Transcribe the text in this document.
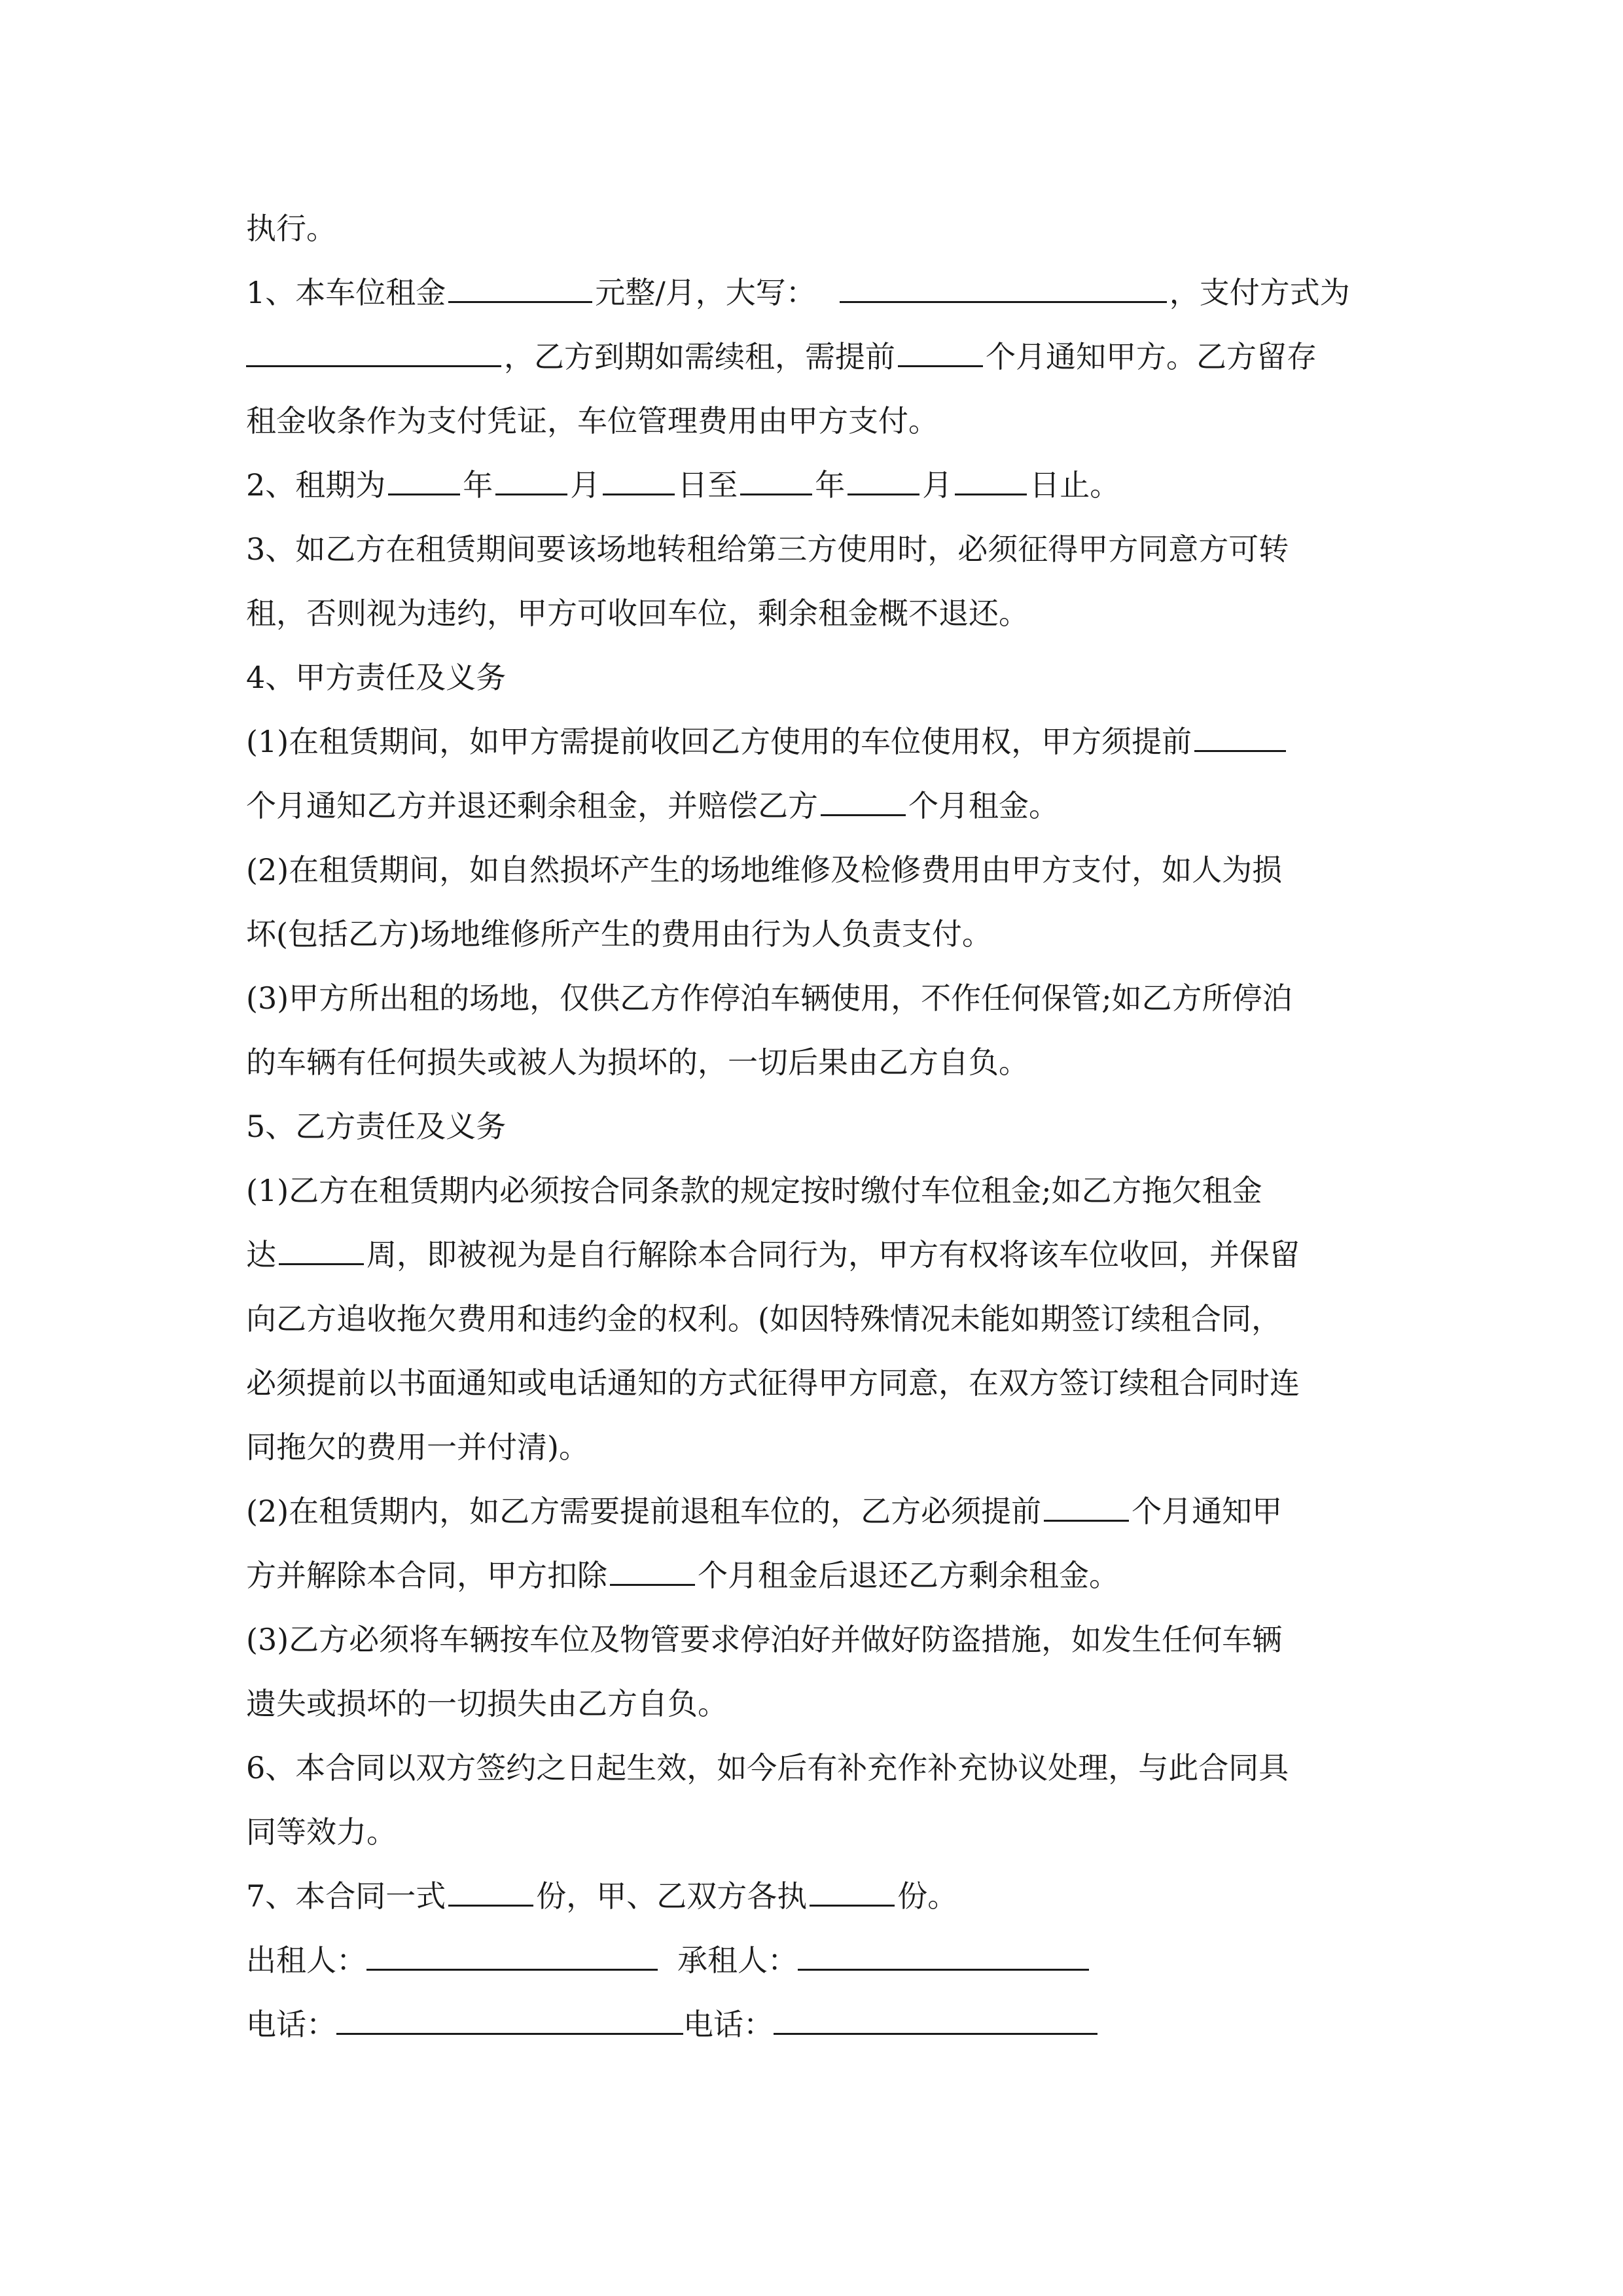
执行。
1、本车位租金	元整/月，大写：	，支付方式为
，乙方到期如需续租，需提前	个月通知甲方。乙方留存
租金收条作为支付凭证，车位管理费用由甲方支付。
2、租期为	年	月	日至	年	月	日止。
3、如乙方在租赁期间要该场地转租给第三方使用时，必须征得甲方同意方可转
租，否则视为违约，甲方可收回车位，剩余租金概不退还。
4、甲方责任及义务
(1)在租赁期间，如甲方需提前收回乙方使用的车位使用权，甲方须提前
个月通知乙方并退还剩余租金，并赔偿乙方	个月租金。
(2)在租赁期间，如自然损坏产生的场地维修及检修费用由甲方支付，如人为损
坏(包括乙方)场地维修所产生的费用由行为人负责支付。
(3)甲方所出租的场地，仅供乙方作停泊车辆使用，不作任何保管;如乙方所停泊
的车辆有任何损失或被人为损坏的，一切后果由乙方自负。
5、乙方责任及义务
(1)乙方在租赁期内必须按合同条款的规定按时缴付车位租金;如乙方拖欠租金
达	周，即被视为是自行解除本合同行为，甲方有权将该车位收回，并保留
向乙方追收拖欠费用和违约金的权利。(如因特殊情况未能如期签订续租合同，
必须提前以书面通知或电话通知的方式征得甲方同意，在双方签订续租合同时连
同拖欠的费用一并付清)。
(2)在租赁期内，如乙方需要提前退租车位的，乙方必须提前	个月通知甲
方并解除本合同，甲方扣除	个月租金后退还乙方剩余租金。
(3)乙方必须将车辆按车位及物管要求停泊好并做好防盗措施，如发生任何车辆
遗失或损坏的一切损失由乙方自负。
6、本合同以双方签约之日起生效，如今后有补充作补充协议处理，与此合同具
同等效力。
7、本合同一式	份，甲、乙双方各执	份。
出租人：	承租人：
电话：	电话：
